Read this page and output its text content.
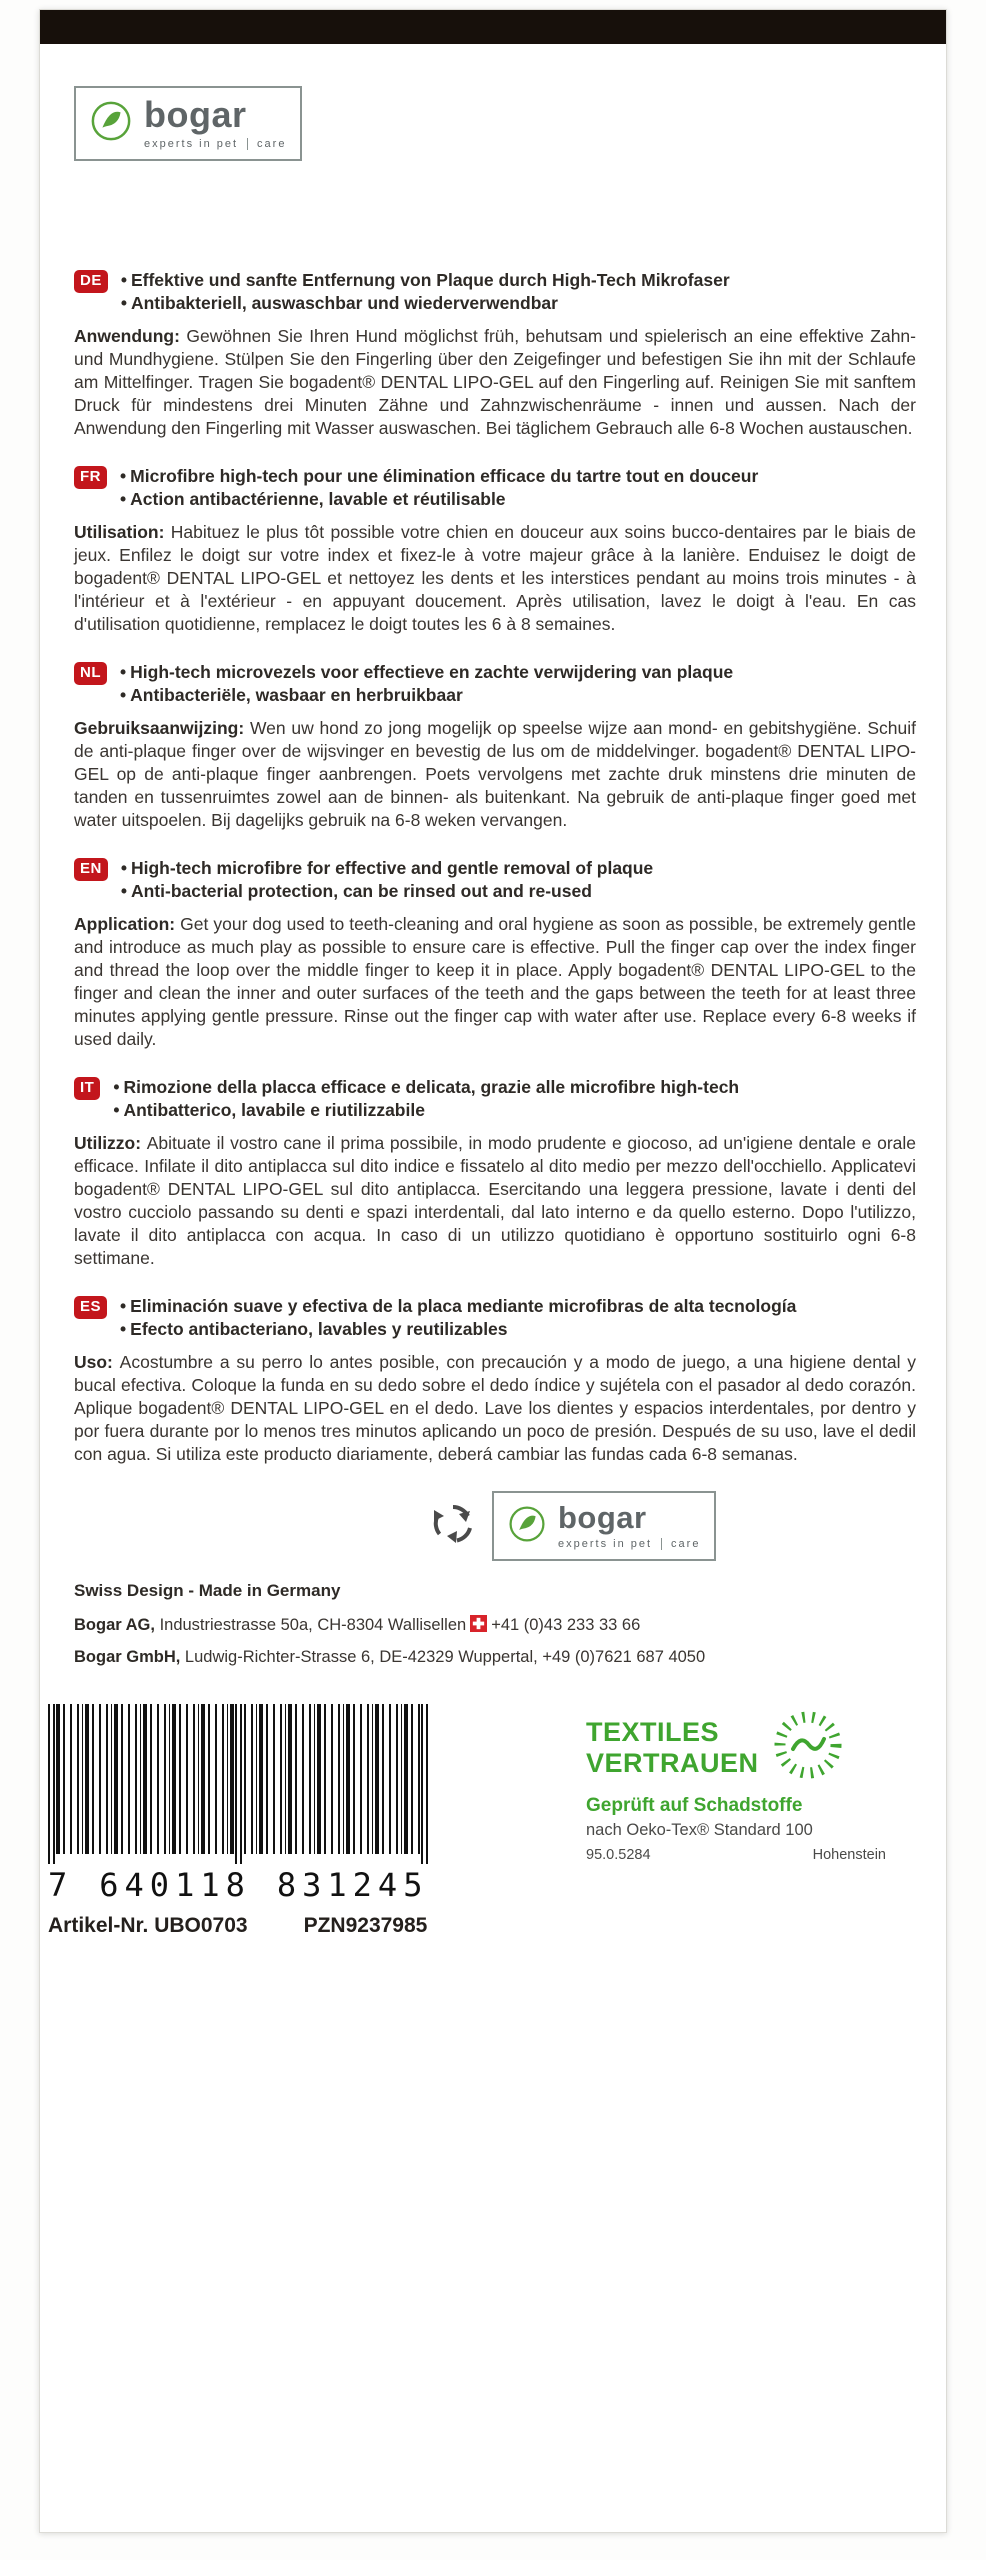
bogar
experts in pet care
DE	• Effektive und sanfte Entfernung von Plaque durch High-Tech Mikrofaser
• Antibakteriell, auswaschbar und wiederverwendbar

Anwendung: Gewöhnen Sie Ihren Hund möglichst früh, behutsam und spielerisch an eine effektive Zahn- und Mundhygiene. Stülpen Sie den Fingerling über den Zeigefinger und befestigen Sie ihn mit der Schlaufe am Mittelfinger. Tragen Sie bogadent® DENTAL LIPO-GEL auf den Fingerling auf. Reinigen Sie mit sanftem Druck für mindestens drei Minuten Zähne und Zahnzwischenräume - innen und aussen. Nach der Anwendung den Fingerling mit Wasser auswaschen. Bei täglichem Gebrauch alle 6-8 Wochen austauschen.

FR	• Microfibre high-tech pour une élimination efficace du tartre tout en douceur
• Action antibactérienne, lavable et réutilisable

Utilisation: Habituez le plus tôt possible votre chien en douceur aux soins bucco-dentaires par le biais de jeux. Enfilez le doigt sur votre index et fixez-le à votre majeur grâce à la lanière. Enduisez le doigt de bogadent® DENTAL LIPO-GEL et nettoyez les dents et les interstices pendant au moins trois minutes - à l'intérieur et à l'extérieur - en appuyant doucement. Après utilisation, lavez le doigt à l'eau. En cas d'utilisation quotidienne, remplacez le doigt toutes les 6 à 8 semaines.

NL	• High-tech microvezels voor effectieve en zachte verwijdering van plaque
• Antibacteriële, wasbaar en herbruikbaar

Gebruiksaanwijzing: Wen uw hond zo jong mogelijk op speelse wijze aan mond- en gebitshygiëne. Schuif de anti-plaque finger over de wijsvinger en bevestig de lus om de middelvinger. bogadent® DENTAL LIPO-GEL op de anti-plaque finger aanbrengen. Poets vervolgens met zachte druk minstens drie minuten de tanden en tussenruimtes zowel aan de binnen- als buitenkant. Na gebruik de anti-plaque finger goed met water uitspoelen. Bij dagelijks gebruik na 6-8 weken vervangen.

EN	• High-tech microfibre for effective and gentle removal of plaque
• Anti-bacterial protection, can be rinsed out and re-used

Application: Get your dog used to teeth-cleaning and oral hygiene as soon as possible, be extremely gentle and introduce as much play as possible to ensure care is effective. Pull the finger cap over the index finger and thread the loop over the middle finger to keep it in place. Apply bogadent® DENTAL LIPO-GEL to the finger and clean the inner and outer surfaces of the teeth and the gaps between the teeth for at least three minutes applying gentle pressure. Rinse out the finger cap with water after use. Replace every 6-8 weeks if used daily.

IT	• Rimozione della placca efficace e delicata, grazie alle microfibre high-tech
• Antibatterico, lavabile e riutilizzabile

Utilizzo: Abituate il vostro cane il prima possibile, in modo prudente e giocoso, ad un'igiene dentale e orale efficace. Infilate il dito antiplacca sul dito indice e fissatelo al dito medio per mezzo dell'occhiello. Applicatevi bogadent® DENTAL LIPO-GEL sul dito antiplacca. Esercitando una leggera pressione, lavate i denti del vostro cucciolo passando su denti e spazi interdentali, dal lato interno e da quello esterno. Dopo l'utilizzo, lavate il dito antiplacca con acqua. In caso di un utilizzo quotidiano è opportuno sostituirlo ogni 6-8 settimane.

ES	• Eliminación suave y efectiva de la placa mediante microfibras de alta tecnología
• Efecto antibacteriano, lavables y reutilizables

Uso: Acostumbre a su perro lo antes posible, con precaución y a modo de juego, a una higiene dental y bucal efectiva. Coloque la funda en su dedo sobre el dedo índice y sujétela con el pasador al dedo corazón. Aplique bogadent® DENTAL LIPO-GEL en el dedo. Lave los dientes y espacios interdentales, por dentro y por fuera durante por lo menos tres minutos aplicando un poco de presión. Después de su uso, lave el dedil con agua. Si utiliza este producto diariamente, deberá cambiar las fundas cada 6-8 semanas.

bogar
experts in pet care
Swiss Design - Made in Germany
Bogar AG, Industriestrasse 50a, CH-8304 Wallisellen +41 (0)43 233 33 66
Bogar GmbH, Ludwig-Richter-Strasse 6, DE-42329 Wuppertal, +49 (0)7621 687 4050
7 640118 831245
Artikel-Nr. UBO0703	PZN9237985
TEXTILES
VERTRAUEN
Geprüft auf Schadstoffe
nach Oeko-Tex® Standard 100
95.0.5284	Hohenstein
